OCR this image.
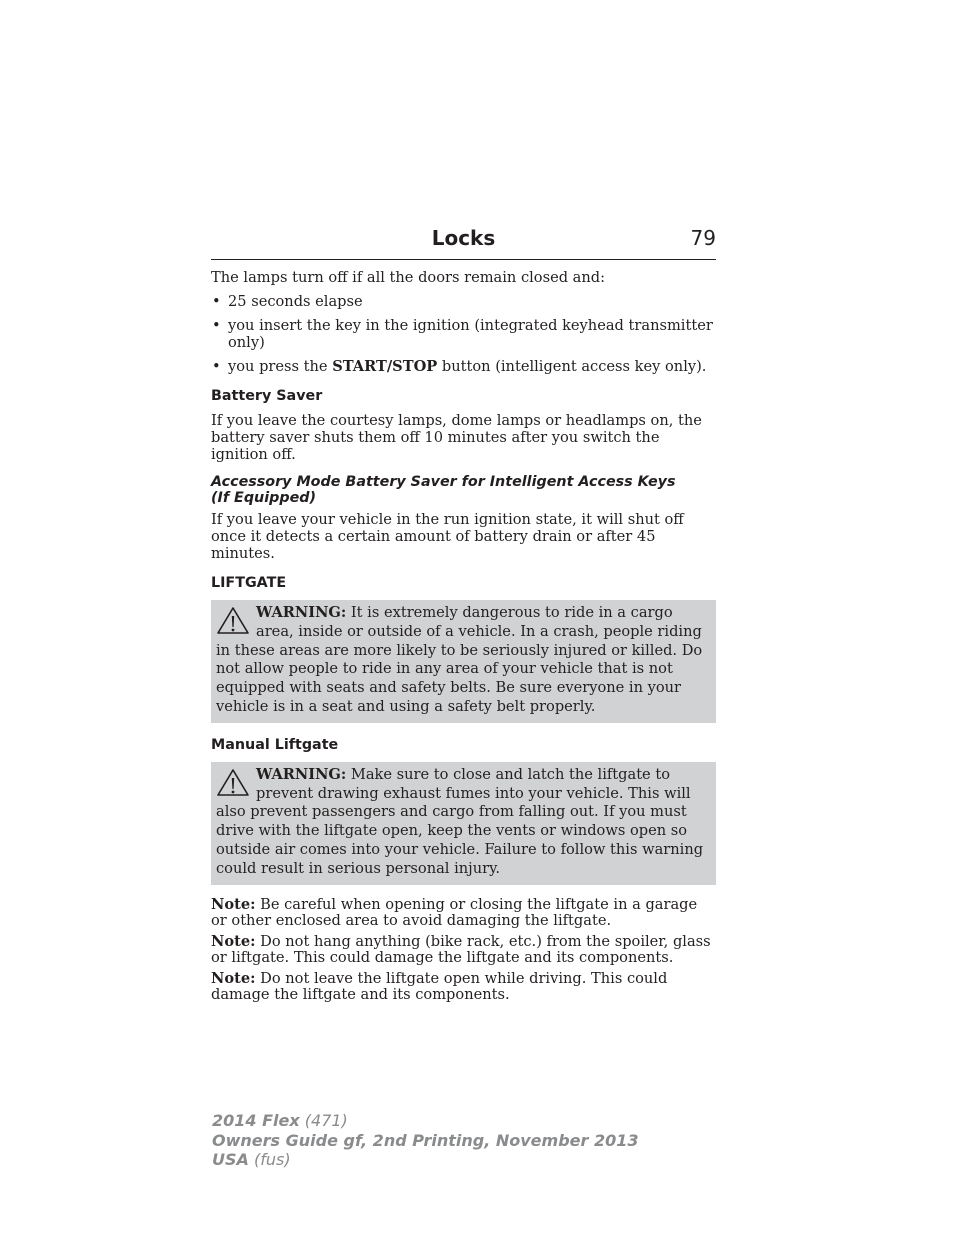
Locks	79

The lamps turn off if all the doors remain closed and:

• 25 seconds elapse
• you insert the key in the ignition (integrated keyhead transmitter only)
• you press the START/STOP button (intelligent access key only).
Battery Saver

If you leave the courtesy lamps, dome lamps or headlamps on, the battery saver shuts them off 10 minutes after you switch the ignition off.

Accessory Mode Battery Saver for Intelligent Access Keys
(If Equipped)

If you leave your vehicle in the run ignition state, it will shut off once it detects a certain amount of battery drain or after 45 minutes.

LIFTGATE
WARNING: It is extremely dangerous to ride in a cargo area, inside or outside of a vehicle. In a crash, people riding in these areas are more likely to be seriously injured or killed. Do not allow people to ride in any area of your vehicle that is not equipped with seats and safety belts. Be sure everyone in your vehicle is in a seat and using a safety belt properly.
Manual Liftgate
WARNING: Make sure to close and latch the liftgate to prevent drawing exhaust fumes into your vehicle. This will also prevent passengers and cargo from falling out. If you must drive with the liftgate open, keep the vents or windows open so outside air comes into your vehicle. Failure to follow this warning could result in serious personal injury.

Note: Be careful when opening or closing the liftgate in a garage or other enclosed area to avoid damaging the liftgate.

Note: Do not hang anything (bike rack, etc.) from the spoiler, glass or liftgate. This could damage the liftgate and its components.

Note: Do not leave the liftgate open while driving. This could damage the liftgate and its components.

2014 Flex (471)
Owners Guide gf, 2nd Printing, November 2013
USA (fus)
